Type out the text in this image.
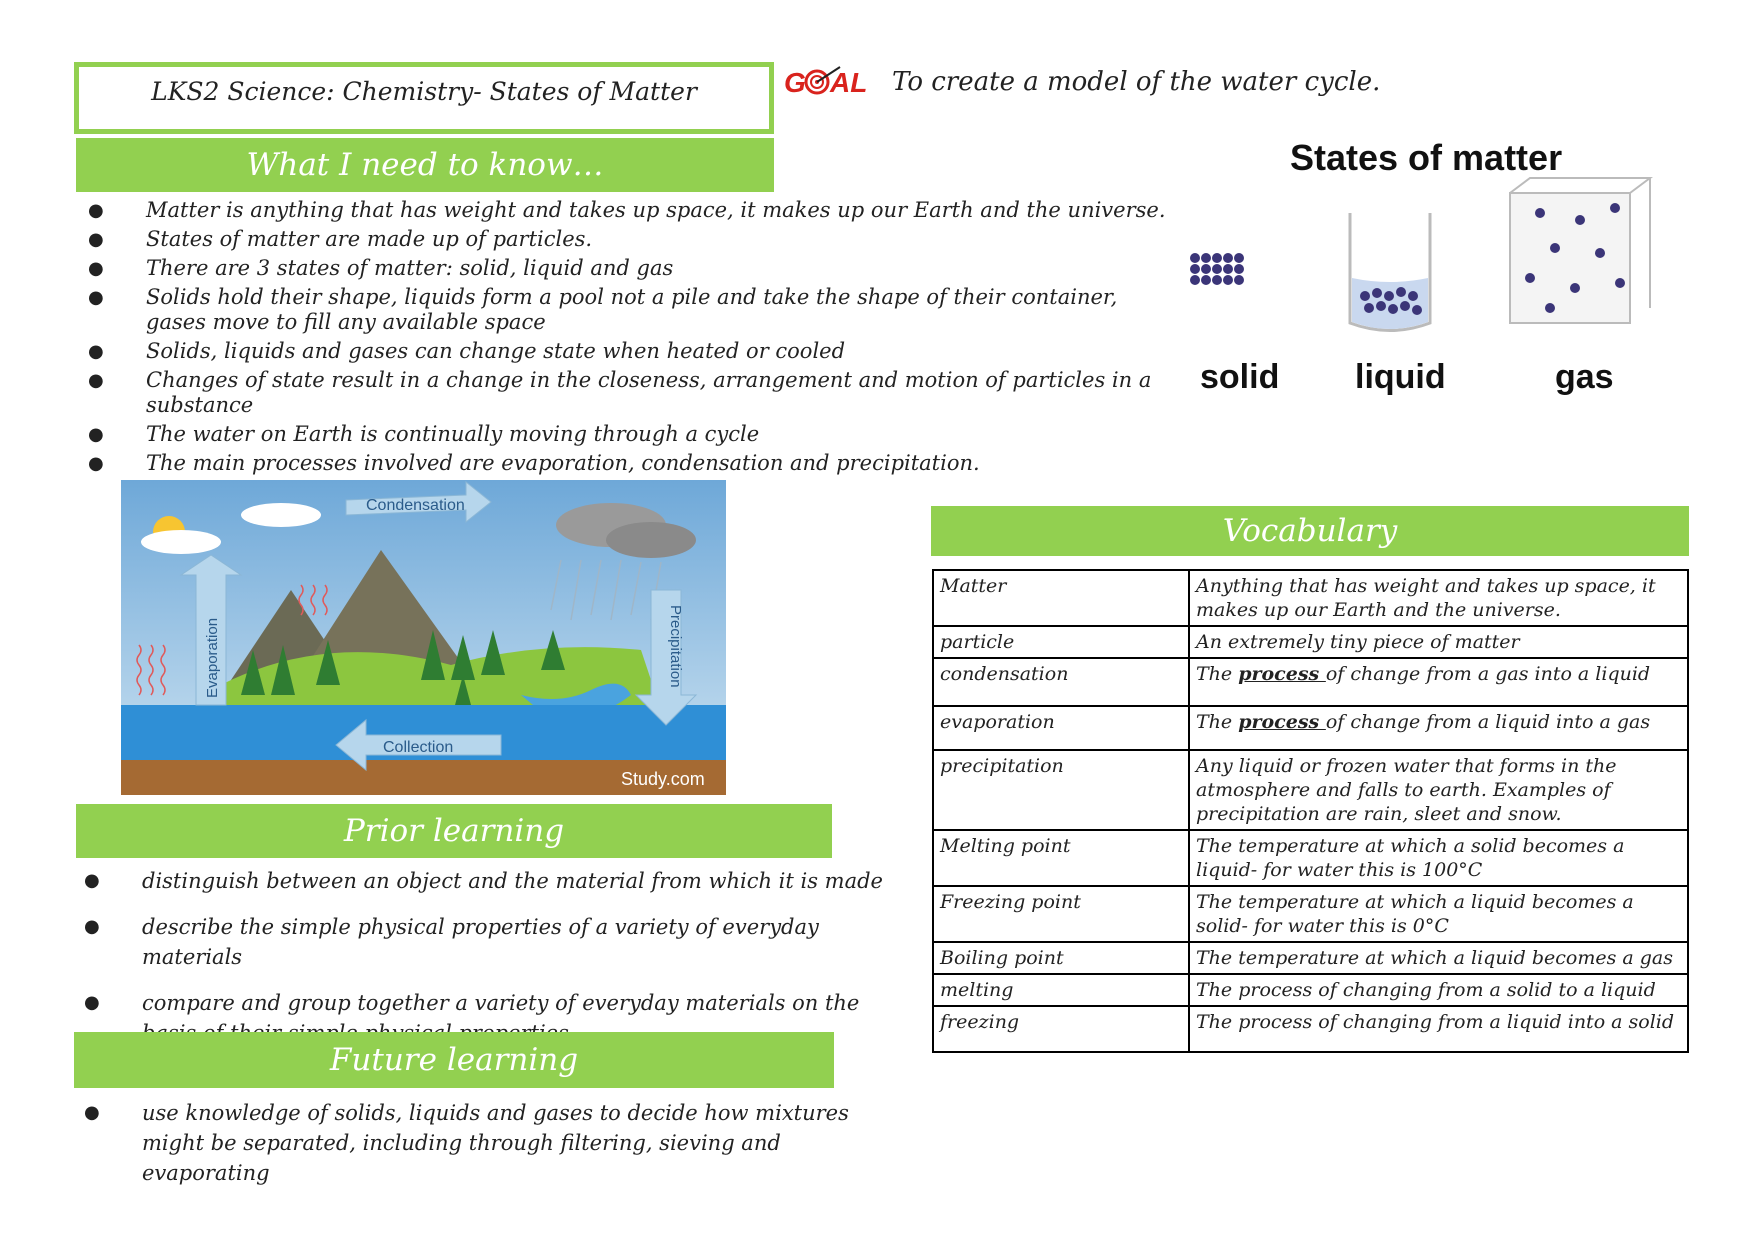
LKS2 Science: Chemistry- States of Matter	G AL To create a model of the water cycle.
What I need to know…
● Matter is anything that has weight and takes up space, it makes up our Earth and the universe.
● States of matter are made up of particles.
● There are 3 states of matter: solid, liquid and gas
● Solids hold their shape, liquids form a pool not a pile and take the shape of their container, gases move to fill any available space
● Solids, liquids and gases can change state when heated or cooled
● Changes of state result in a change in the closeness, arrangement and motion of particles in a substance
● The water on Earth is continually moving through a cycle
● The main processes involved are evaporation, condensation and precipitation.
Condensation
Evaporation	Precipitation
Collection
Study.com
States of matter
solid liquid	gas
Prior learning
● distinguish between an object and the material from which it is made
● describe the simple physical properties of a variety of everyday materials
● compare and group together a variety of everyday materials on the
Future learning
● use knowledge of solids, liquids and gases to decide how mixtures might be separated, including through filtering, sieving and evaporating
Vocabulary
Matter	Anything that has weight and takes up space, it makes up our Earth and the universe.
particle	An extremely tiny piece of matter
condensation	The process of change from a gas into a liquid
evaporation	The process of change from a liquid into a gas
precipitation	Any liquid or frozen water that forms in the atmosphere and falls to earth. Examples of precipitation are rain, sleet and snow.
Melting point	The temperature at which a solid becomes a liquid- for water this is 100°C
Freezing point	The temperature at which a liquid becomes a solid- for water this is 0°C
Boiling point	The temperature at which a liquid becomes a gas
melting	The process of changing from a solid to a liquid
freezing	The process of changing from a liquid into a solid
